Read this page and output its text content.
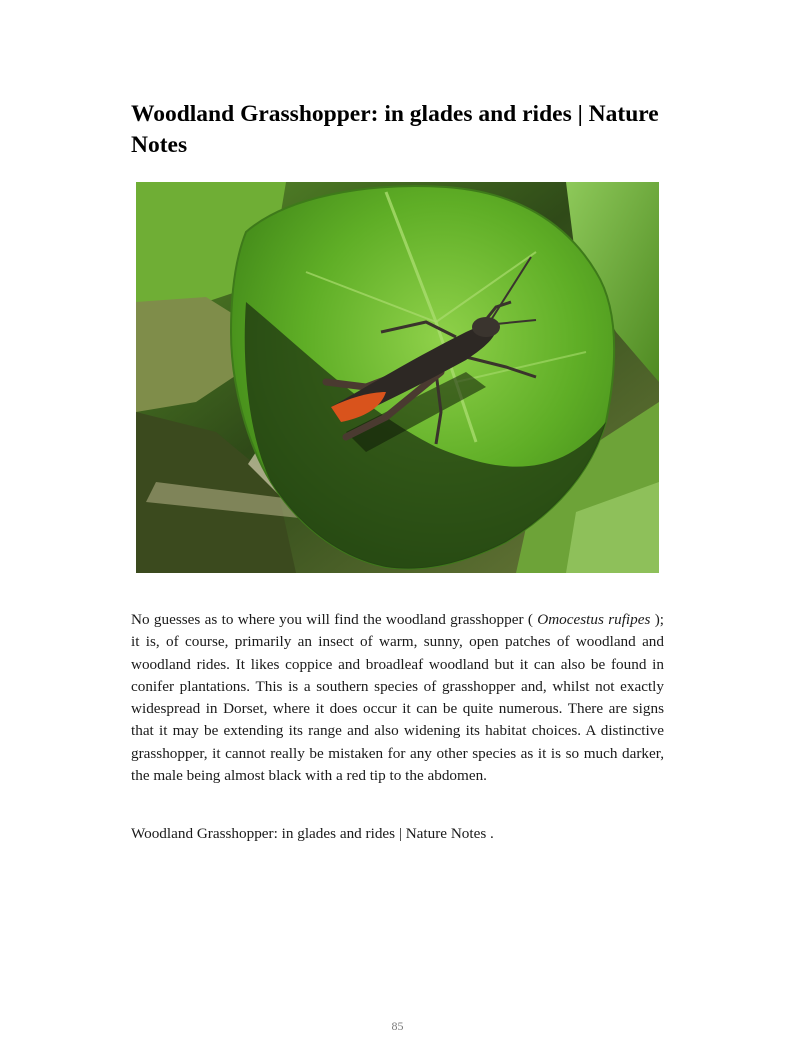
Woodland Grasshopper: in glades and rides | Nature Notes

No guesses as to where you will find the woodland grasshopper ( Omocestus rufipes ); it is, of course, primarily an insect of warm, sunny, open patches of woodland and woodland rides. It likes coppice and broadleaf woodland but it can also be found in conifer plantations. This is a southern species of grasshopper and, whilst not exactly widespread in Dorset, where it does occur it can be quite numerous. There are signs that it may be extending its range and also widening its habitat choices. A distinctive grasshopper, it cannot really be mistaken for any other species as it is so much darker, the male being almost black with a red tip to the abdomen.

Woodland Grasshopper: in glades and rides | Nature Notes .

85
